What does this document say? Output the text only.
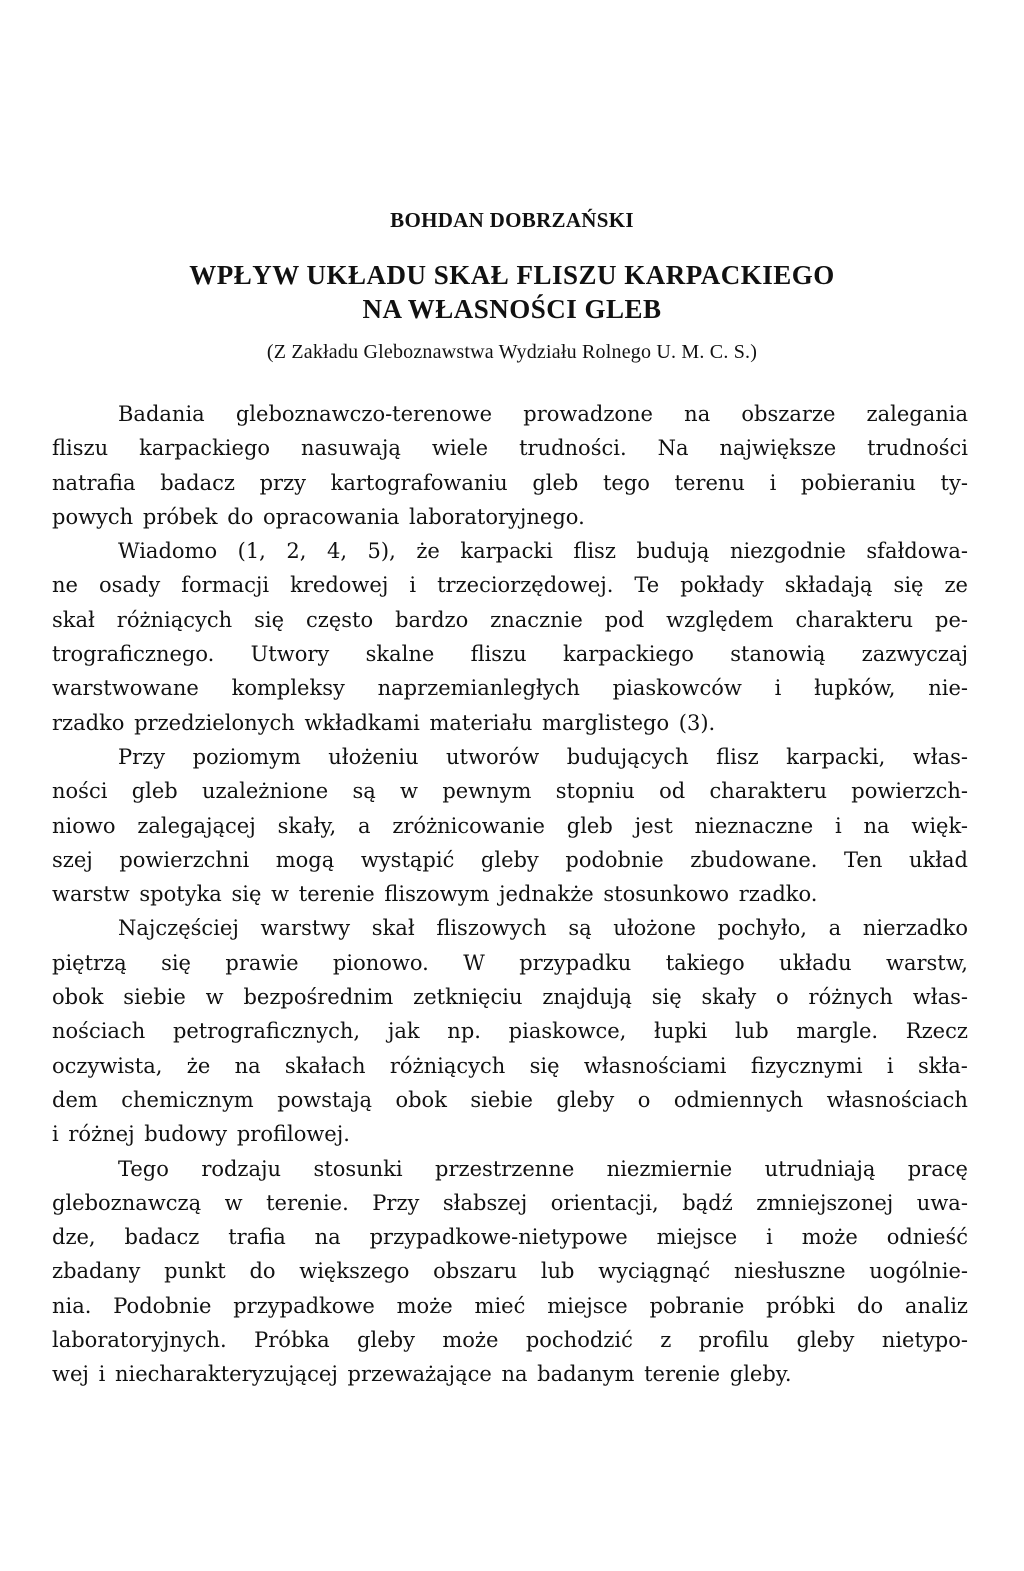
BOHDAN DOBRZAŃSKI
WPŁYW UKŁADU SKAŁ FLISZU KARPACKIEGO
NA WŁASNOŚCI GLEB
(Z Zakładu Gleboznawstwa Wydziału Rolnego U. M. C. S.)
Badania gleboznawczo-terenowe prowadzone na obszarze zalegania
fliszu karpackiego nasuwają wiele trudności. Na największe trudności
natrafia badacz przy kartografowaniu gleb tego terenu i pobieraniu ty-
powych próbek do opracowania laboratoryjnego.
Wiadomo (1, 2, 4, 5), że karpacki flisz budują niezgodnie sfałdowa-
ne osady formacji kredowej i trzeciorzędowej. Te pokłady składają się ze
skał różniących się często bardzo znacznie pod względem charakteru pe-
trograficznego. Utwory skalne fliszu karpackiego stanowią zazwyczaj
warstwowane kompleksy naprzemianległych piaskowców i łupków, nie-
rzadko przedzielonych wkładkami materiału marglistego (3).
Przy poziomym ułożeniu utworów budujących flisz karpacki, włas-
ności gleb uzależnione są w pewnym stopniu od charakteru powierzch-
niowo zalegającej skały, a zróżnicowanie gleb jest nieznaczne i na więk-
szej powierzchni mogą wystąpić gleby podobnie zbudowane. Ten układ
warstw spotyka się w terenie fliszowym jednakże stosunkowo rzadko.
Najczęściej warstwy skał fliszowych są ułożone pochyło, a nierzadko
piętrzą się prawie pionowo. W przypadku takiego układu warstw,
obok siebie w bezpośrednim zetknięciu znajdują się skały o różnych włas-
nościach petrograficznych, jak np. piaskowce, łupki lub margle. Rzecz
oczywista, że na skałach różniących się własnościami fizycznymi i skła-
dem chemicznym powstają obok siebie gleby o odmiennych własnościach
i różnej budowy profilowej.
Tego rodzaju stosunki przestrzenne niezmiernie utrudniają pracę
gleboznawczą w terenie. Przy słabszej orientacji, bądź zmniejszonej uwa-
dze, badacz trafia na przypadkowe-nietypowe miejsce i może odnieść
zbadany punkt do większego obszaru lub wyciągnąć niesłuszne uogólnie-
nia. Podobnie przypadkowe może mieć miejsce pobranie próbki do analiz
laboratoryjnych. Próbka gleby może pochodzić z profilu gleby nietypo-
wej i niecharakteryzującej przeważające na badanym terenie gleby.
